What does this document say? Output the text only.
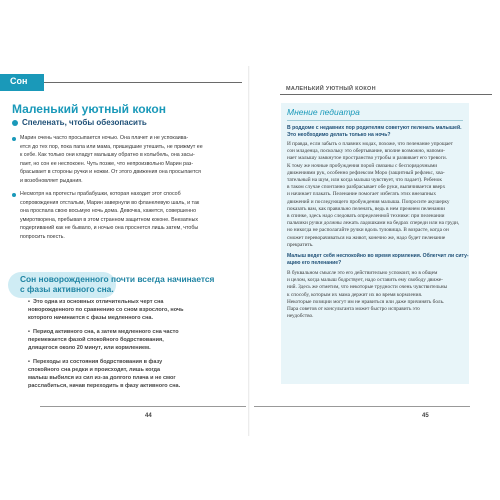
Сон
Маленький уютный кокон
Спеленать, чтобы обезопасить
Марин очень часто просыпается ночью. Она плачет и не успокаива-
ется до тех пор, пока папа или мама, пришедшие утешить, не прижмут ее
к себе. Как только они кладут малышку обратно в колыбель, она засы-
пает, но сон ее неспокоен. Чуть позже, что непроизвольно Марин раз-
брасывает в стороны ручки и ножки. От этого движения она просыпается
и возобновляет рыдания.
Несмотря на протесты прабабушки, которая находит этот способ
сопровождения отсталым, Марин завернули во фланелевую шаль, и так
она проспала свою восьмую ночь дома. Девочка, кажется, совершенно
умиротворена, пребывая в этом странном защитном коконе. Внезапных
подергиваний как не бывало, и ночью она проснется лишь затем, чтобы
попросить поесть.
Сон новорожденного почти всегда начинается
с фазы активного сна.
•  Это одна из основных отличительных черт сна
новорожденного по сравнению со сном взрослого, ночь
которого начинается с фазы медленного сна.
•  Период активного сна, а затем медленного сна часто
перемежается фазой спокойного бодрствования,
длящегося около 20 минут, или кормлением.
•  Переходы из состояния бодрствования в фазу
спокойного сна редки и происходят, лишь когда
малыш выбился из сил из-за долгого плача и не смог
расслабиться, начав переходить в фазу активного сна.
44
МАЛЕНЬКИЙ УЮТНЫЙ КОКОН
Мнение педиатра
В роддоме с недавних пор родителям советуют пеленать малышей.
Это необходимо делать только на ночь?
И правда, если забыть о плавних модах, похоже, что пеленание упрощает
сон младенца, поскольку это обертывание, вполне возможно, напоми-
нает малышу замкнутое пространство утробы и развивает его тревоги.
К тому же ночные пробуждения порой связаны с беспорядочными
движениями рук, особенно рефлексом Моро (защитный рефлекс, хва-
тательный на шум, или когда малыш чувствует, что падает). Ребенок
в таком случае спонтанно разбрасывает обе руки, выпячивается вверх
и начинает плакать. Пеленание помогает избегать этих внезапных
движений и последующего пробуждения малыша. Попросите акушерку
показать вам, как правильно пеленать, ведь в нем прежнем пеленании
в спинке, здесь надо следовать определенной технике: при пеленании
пальчики ручки должны лежать ладошками на бедрах спереди или на груди,
но никогда не располагайте ручки вдоль туловища. В возрасте, когда он
сможет переворачиваться на живот, конечно же, надо будет пеленание
прекратить.
Малыш ведет себя неспокойно во время кормления. Облегчит ли ситу-
ацию его пеленание?
В буквальном смысле это его действительно успокоит, но в общем
и целом, когда малыш бодрствует, надо оставить ему свободу движе-
ний. Здесь же отметим, что некоторые трудности очень чувствительны
к способу, которым их мама держит их во время кормления.
Некоторые позиции могут им не нравиться или даже причинять боль.
Пара советов от консультанта может быстро исправить это
неудобство.
45
